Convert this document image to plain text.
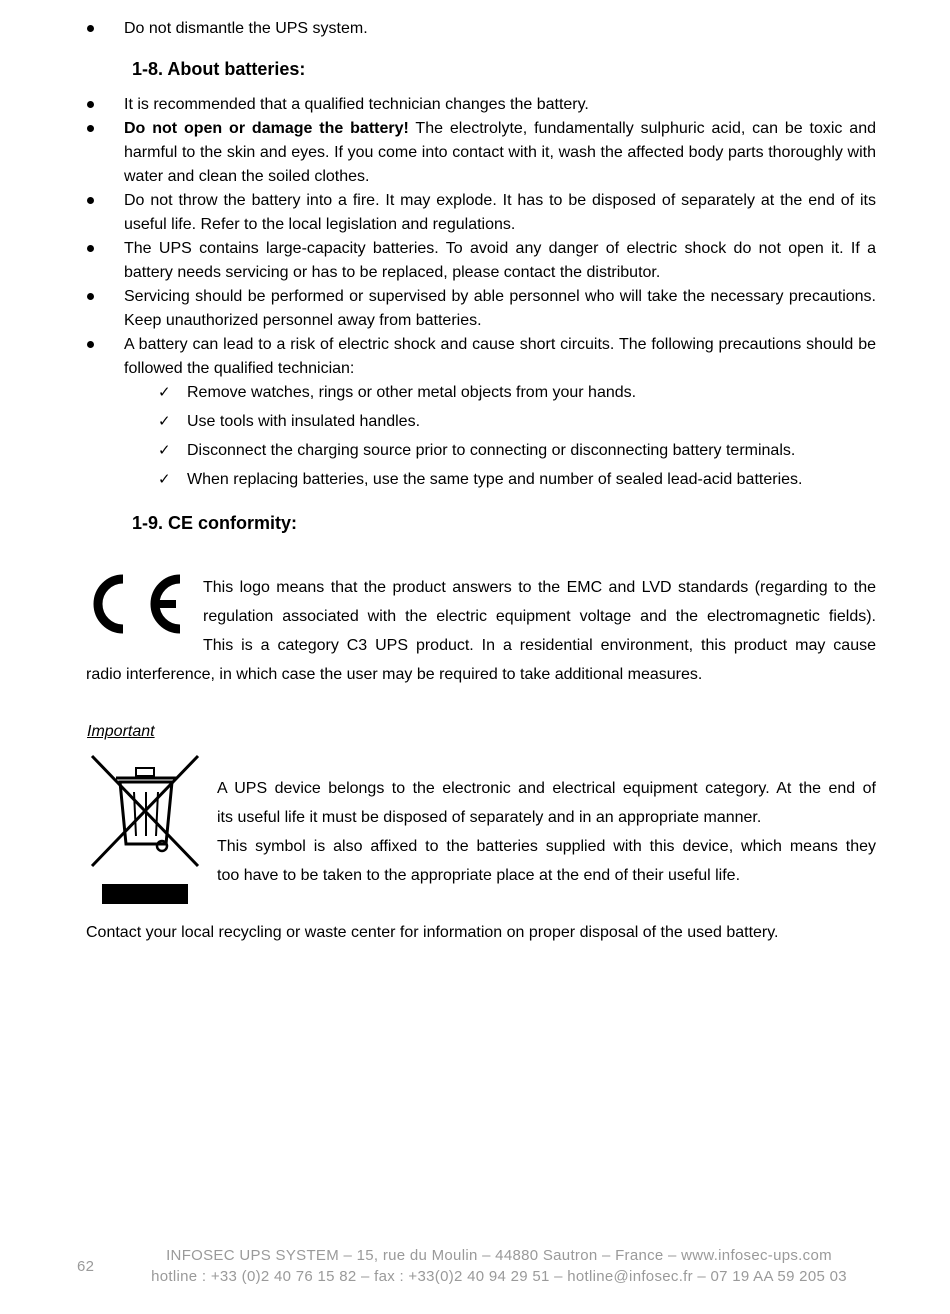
Do not dismantle the UPS system.
1-8. About batteries:
It is recommended that a qualified technician changes the battery.
Do not open or damage the battery! The electrolyte, fundamentally sulphuric acid, can be toxic and harmful to the skin and eyes. If you come into contact with it, wash the affected body parts thoroughly with water and clean the soiled clothes.
Do not throw the battery into a fire. It may explode. It has to be disposed of separately at the end of its useful life. Refer to the local legislation and regulations.
The UPS contains large-capacity batteries. To avoid any danger of electric shock do not open it. If a battery needs servicing or has to be replaced, please contact the distributor.
Servicing should be performed or supervised by able personnel who will take the necessary precautions. Keep unauthorized personnel away from batteries.
A battery can lead to a risk of electric shock and cause short circuits. The following precautions should be followed the qualified technician:
✓ Remove watches, rings or other metal objects from your hands.
✓ Use tools with insulated handles.
✓ Disconnect the charging source prior to connecting or disconnecting battery terminals.
✓ When replacing batteries, use the same type and number of sealed lead-acid batteries.
1-9. CE conformity:
This logo means that the product answers to the EMC and LVD standards (regarding to the
regulation associated with the electric equipment voltage and the electromagnetic fields).
This is a category C3 UPS product. In a residential environment, this product may cause
radio interference, in which case the user may be required to take additional measures.
Important
A UPS device belongs to the electronic and electrical equipment category. At the end of
its useful life it must be disposed of separately and in an appropriate manner.
This symbol is also affixed to the batteries supplied with this device, which means they
too have to be taken to the appropriate place at the end of their useful life.
Contact your local recycling or waste center for information on proper disposal of the used battery.
62
INFOSEC UPS SYSTEM – 15, rue du Moulin – 44880 Sautron – France – www.infosec-ups.com
hotline : +33 (0)2 40 76 15 82 – fax : +33(0)2 40 94 29 51 – hotline@infosec.fr – 07 19 AA 59 205 03
